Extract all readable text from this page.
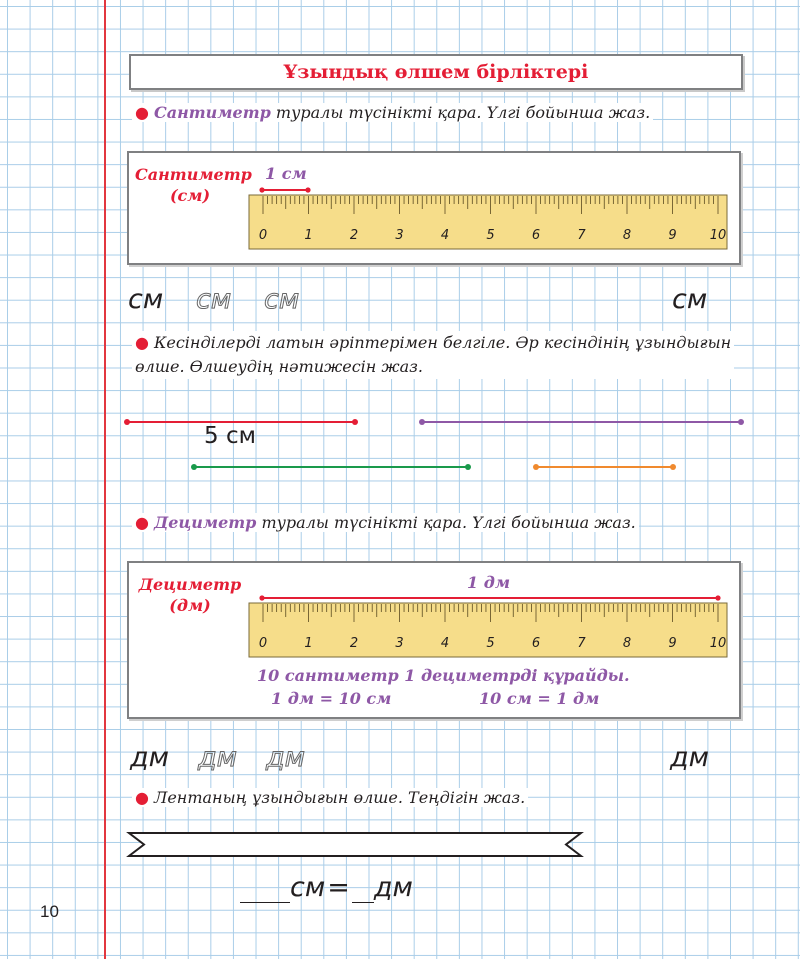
Ұзындық өлшем бірліктері
● Сантиметр туралы түсінікті қара. Үлгі бойынша жаз.
Сантиметр
(см)
1 см
0	1	2	3	4	5	6	7	8	9	10
см см см	см
● Кесінділерді латын әріптерімен белгіле. Әр кесіндінің ұзындығын
өлше. Өлшеудің нәтижесін жаз.
5 см
● Дециметр туралы түсінікті қара. Үлгі бойынша жаз.
Дециметр
(дм)
1 дм
0	1	2	3	4	5	6	7	8	9	10
10 сантиметр 1 дециметрді құрайды.
1 дм = 10 см	10 см = 1 дм
дм дм дм	дм
● Лентаның ұзындығын өлше. Теңдігін жаз.
см = дм
10
